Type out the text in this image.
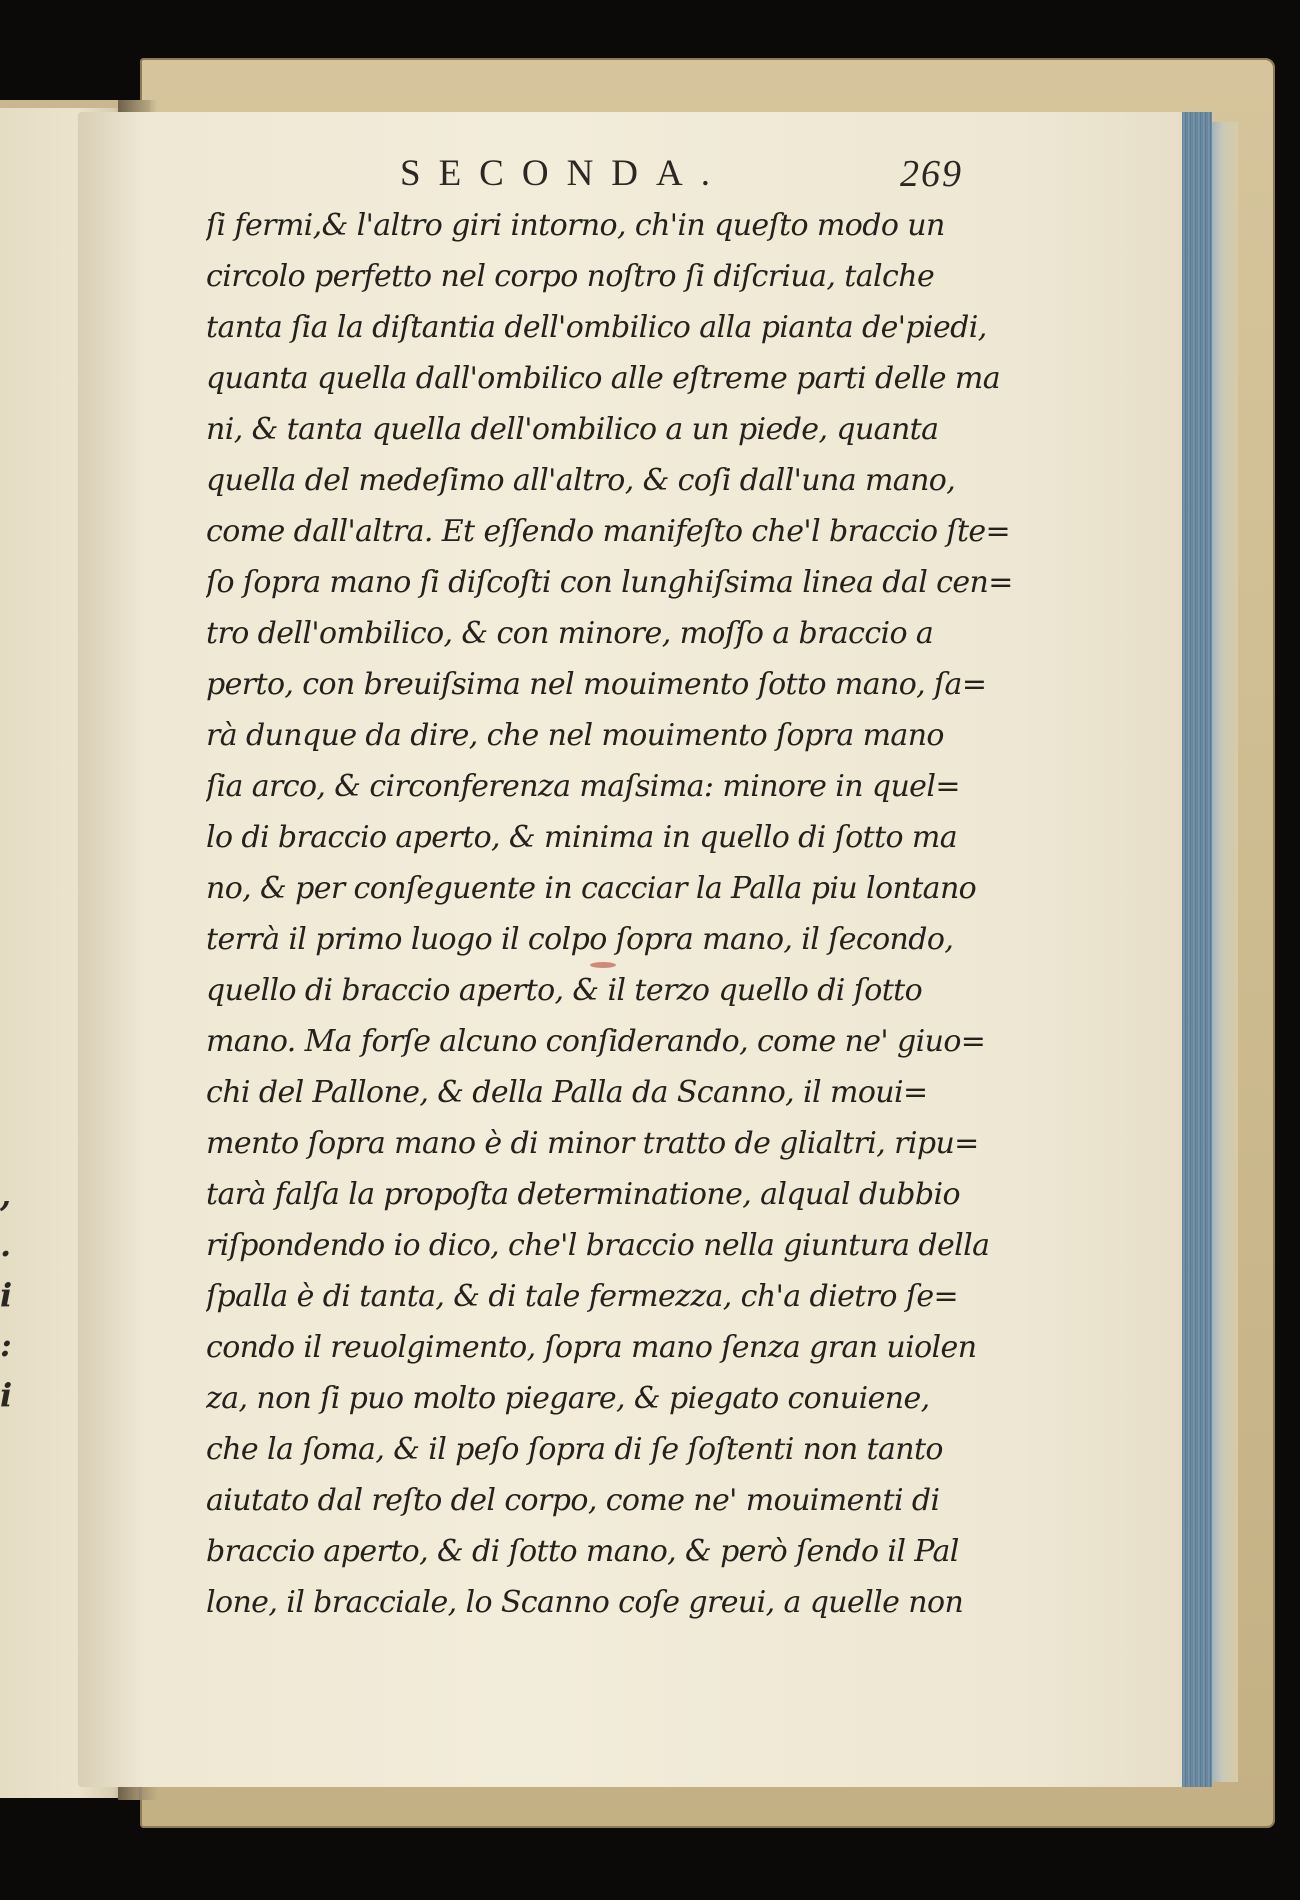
,
.
i
:
i
SECONDA.	269
ſi fermi,& l'altro giri intorno, ch'in queſto modo un
circolo perfetto nel corpo noſtro ſi diſcriua, talche
tanta ſia la diſtantia dell'ombilico alla pianta de'piedi,
quanta quella dall'ombilico alle eſtreme parti delle ma
ni, & tanta quella dell'ombilico a un piede, quanta
quella del medeſimo all'altro, & coſi dall'una mano,
come dall'altra. Et eſſendo manifeſto che'l braccio ſte=
ſo ſopra mano ſi diſcoſti con lunghiſsima linea dal cen=
tro dell'ombilico, & con minore, moſſo a braccio a
perto, con breuiſsima nel mouimento ſotto mano, ſa=
rà dunque da dire, che nel mouimento ſopra mano
ſia arco, & circonferenza maſsima: minore in quel=
lo di braccio aperto, & minima in quello di ſotto ma
no, & per conſeguente in cacciar la Palla piu lontano
terrà il primo luogo il colpo ſopra mano, il ſecondo,
quello di braccio aperto, & il terzo quello di ſotto
mano. Ma forſe alcuno conſiderando, come ne' giuo=
chi del Pallone, & della Palla da Scanno, il moui=
mento ſopra mano è di minor tratto de glialtri, ripu=
tarà falſa la propoſta determinatione, alqual dubbio
riſpondendo io dico, che'l braccio nella giuntura della
ſpalla è di tanta, & di tale fermezza, ch'a dietro ſe=
condo il reuolgimento, ſopra mano ſenza gran uiolen
za, non ſi puo molto piegare, & piegato conuiene,
che la ſoma, & il peſo ſopra di ſe ſoſtenti non tanto
aiutato dal reſto del corpo, come ne' mouimenti di
braccio aperto, & di ſotto mano, & però ſendo il Pal
lone, il bracciale, lo Scanno coſe greui, a quelle non
